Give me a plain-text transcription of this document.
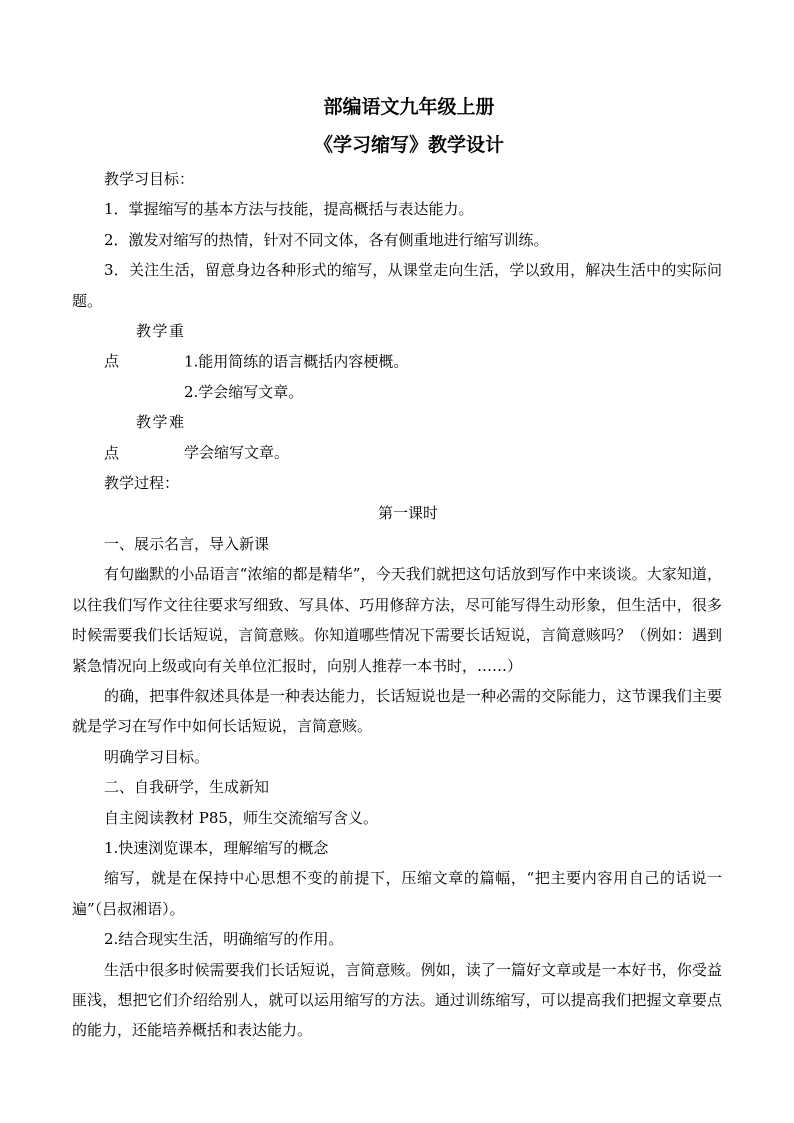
部编语文九年级上册

《学习缩写》教学设计

教学习目标：

1．掌握缩写的基本方法与技能，提高概括与表达能力。

2．激发对缩写的热情，针对不同文体，各有侧重地进行缩写训练。

3．关注生活，留意身边各种形式的缩写，从课堂走向生活，学以致用，解决生活中的实际问题。

教学重点	1.能用简练的语言概括内容梗概。

2.学会缩写文章。

教学难点	学会缩写文章。

教学过程：

第一课时

一、展示名言，导入新课

有句幽默的小品语言“浓缩的都是精华”，今天我们就把这句话放到写作中来谈谈。大家知道，以往我们写作文往往要求写细致、写具体、巧用修辞方法，尽可能写得生动形象，但生活中，很多时候需要我们长话短说，言简意赅。你知道哪些情况下需要长话短说，言简意赅吗？（例如：遇到紧急情况向上级或向有关单位汇报时，向别人推荐一本书时，……）

的确，把事件叙述具体是一种表达能力，长话短说也是一种必需的交际能力，这节课我们主要就是学习在写作中如何长话短说，言简意赅。

明确学习目标。

二、自我研学，生成新知

自主阅读教材 P85，师生交流缩写含义。

1.快速浏览课本，理解缩写的概念

缩写，就是在保持中心思想不变的前提下，压缩文章的篇幅，“把主要内容用自己的话说一遍”（吕叔湘语）。

2.结合现实生活，明确缩写的作用。

生活中很多时候需要我们长话短说，言简意赅。例如，读了一篇好文章或是一本好书，你受益匪浅，想把它们介绍给别人，就可以运用缩写的方法。通过训练缩写，可以提高我们把握文章要点的能力，还能培养概括和表达能力。
